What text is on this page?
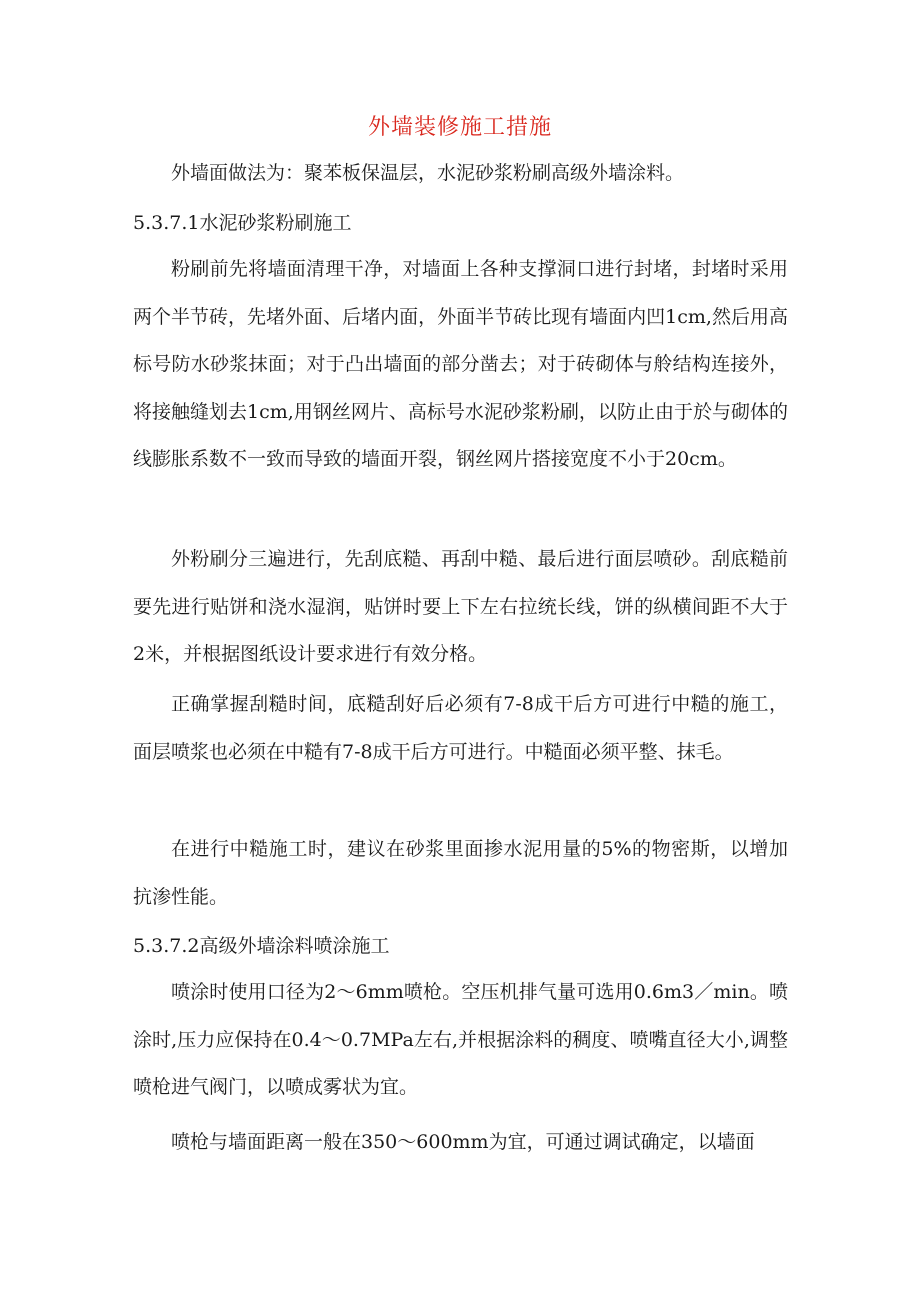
外墙装修施工措施

外墙面做法为：聚苯板保温层，水泥砂浆粉刷高级外墙涂料。

5.3.7.1水泥砂浆粉刷施工

粉刷前先将墙面清理干净，对墙面上各种支撑洞口进行封堵，封堵时采用两个半节砖，先堵外面、后堵内面，外面半节砖比现有墙面内凹1cm,然后用高标号防水砂浆抹面；对于凸出墙面的部分凿去；对于砖砌体与舲结构连接外，将接触缝划去1cm,用钢丝网片、高标号水泥砂浆粉刷，以防止由于於与砌体的线膨胀系数不一致而导致的墙面开裂，钢丝网片搭接宽度不小于20cm。

外粉刷分三遍进行，先刮底糙、再刮中糙、最后进行面层喷砂。刮底糙前要先进行贴饼和浇水湿润，贴饼时要上下左右拉统长线，饼的纵横间距不大于2米，并根据图纸设计要求进行有效分格。

正确掌握刮糙时间，底糙刮好后必须有7-8成干后方可进行中糙的施工，面层喷浆也必须在中糙有7-8成干后方可进行。中糙面必须平整、抹毛。

在进行中糙施工时，建议在砂浆里面掺水泥用量的5%的物密斯，以增加抗渗性能。

5.3.7.2高级外墙涂料喷涂施工

喷涂时使用口径为2～6mm喷枪。空压机排气量可选用0.6m3／min。喷涂时,压力应保持在0.4～0.7MPa左右,并根据涂料的稠度、喷嘴直径大小,调整喷枪进气阀门，以喷成雾状为宜。

喷枪与墙面距离一般在350～600mm为宜，可通过调试确定，以墙面
